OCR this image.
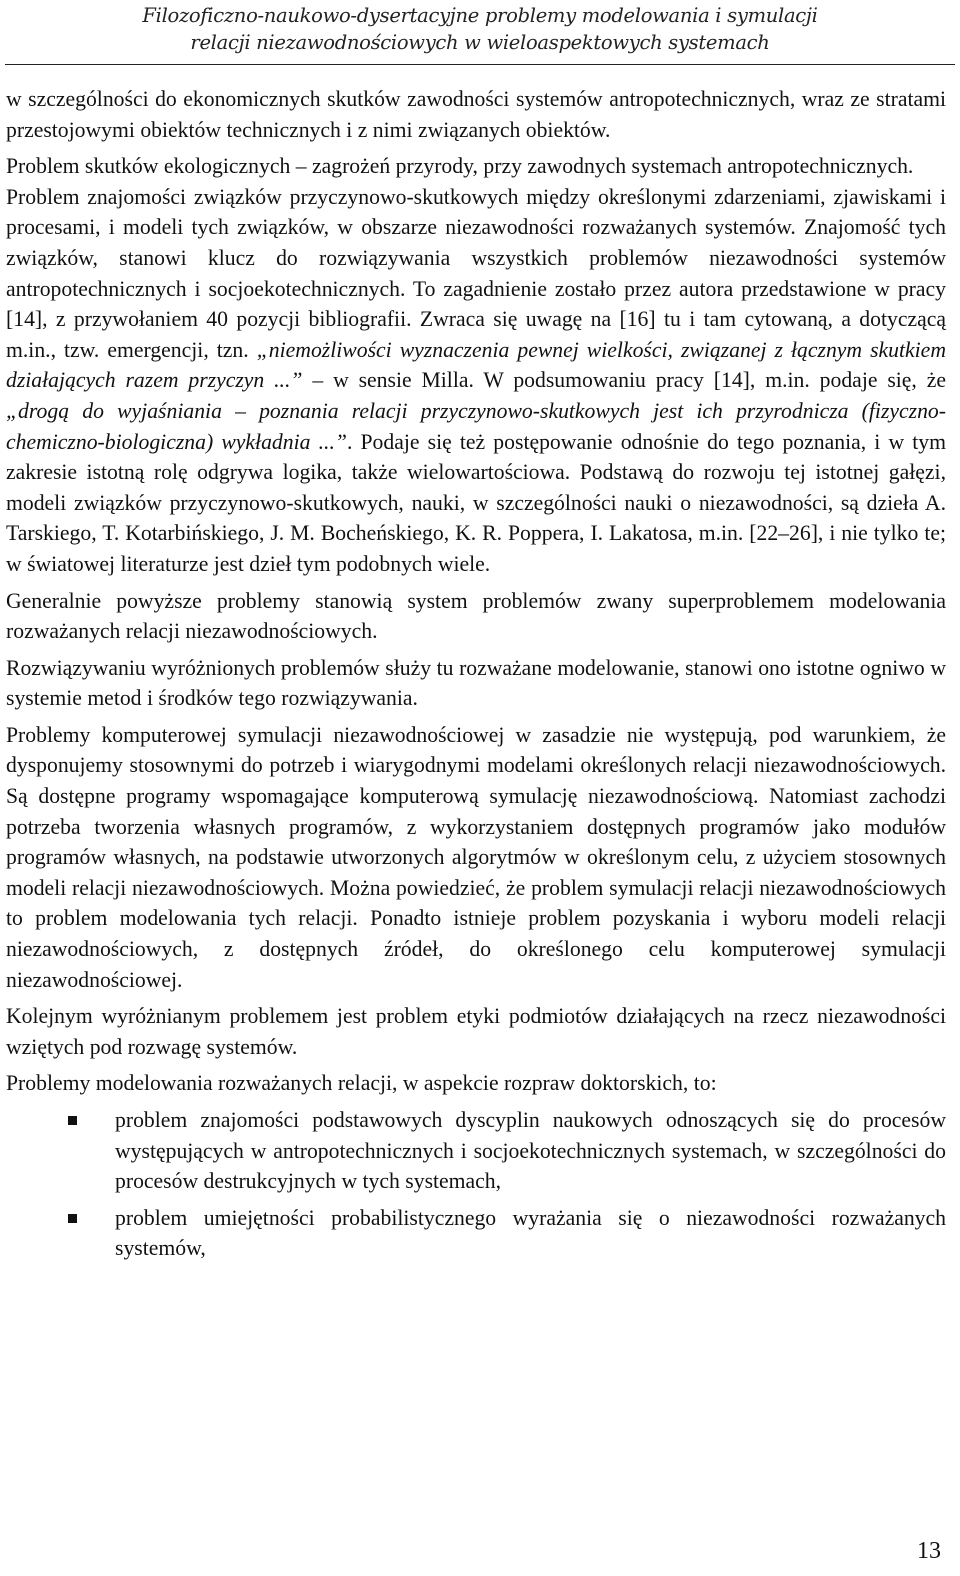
Filozoficzno-naukowo-dysertacyjne problemy modelowania i symulacji
relacji niezawodnościowych w wieloaspektowych systemach

w szczególności do ekonomicznych skutków zawodności systemów antropotechnicznych, wraz ze stratami przestojowymi obiektów technicznych i z nimi związanych obiektów.

Problem skutków ekologicznych – zagrożeń przyrody, przy zawodnych systemach antropotechnicznych.

Problem znajomości związków przyczynowo-skutkowych między określonymi zdarzeniami, zjawiskami i procesami, i modeli tych związków, w obszarze niezawodności rozważanych systemów. Znajomość tych związków, stanowi klucz do rozwiązywania wszystkich problemów niezawodności systemów antropotechnicznych i socjoekotechnicznych. To zagadnienie zostało przez autora przedstawione w pracy [14], z przywołaniem 40 pozycji bibliografii. Zwraca się uwagę na [16] tu i tam cytowaną, a dotyczącą m.in., tzw. emergencji, tzn. „niemożliwości wyznaczenia pewnej wielkości, związanej z łącznym skutkiem działających razem przyczyn ...” – w sensie Milla. W podsumowaniu pracy [14], m.in. podaje się, że „drogą do wyjaśniania – poznania relacji przyczynowo-skutkowych jest ich przyrodnicza (fizyczno-chemiczno-biologiczna) wykładnia ...”. Podaje się też postępowanie odnośnie do tego poznania, i w tym zakresie istotną rolę odgrywa logika, także wielowartościowa. Podstawą do rozwoju tej istotnej gałęzi, modeli związków przyczynowo-skutkowych, nauki, w szczególności nauki o niezawodności, są dzieła A. Tarskiego, T. Kotarbińskiego, J. M. Bocheńskiego, K. R. Poppera, I. Lakatosa, m.in. [22–26], i nie tylko te; w światowej literaturze jest dzieł tym podobnych wiele.

Generalnie powyższe problemy stanowią system problemów zwany superproblemem modelowania rozważanych relacji niezawodnościowych.

Rozwiązywaniu wyróżnionych problemów służy tu rozważane modelowanie, stanowi ono istotne ogniwo w systemie metod i środków tego rozwiązywania.

Problemy komputerowej symulacji niezawodnościowej w zasadzie nie występują, pod warunkiem, że dysponujemy stosownymi do potrzeb i wiarygodnymi modelami określonych relacji niezawodnościowych. Są dostępne programy wspomagające komputerową symulację niezawodnościową. Natomiast zachodzi potrzeba tworzenia własnych programów, z wykorzystaniem dostępnych programów jako modułów programów własnych, na podstawie utworzonych algorytmów w określonym celu, z użyciem stosownych modeli relacji niezawodnościowych. Można powiedzieć, że problem symulacji relacji niezawodnościowych to problem modelowania tych relacji. Ponadto istnieje problem pozyskania i wyboru modeli relacji niezawodnościowych, z dostępnych źródeł, do określonego celu komputerowej symulacji niezawodnościowej.

Kolejnym wyróżnianym problemem jest problem etyki podmiotów działających na rzecz niezawodności wziętych pod rozwagę systemów.

Problemy modelowania rozważanych relacji, w aspekcie rozpraw doktorskich, to:

problem znajomości podstawowych dyscyplin naukowych odnoszących się do procesów występujących w antropotechnicznych i socjoekotechnicznych systemach, w szczególności do procesów destrukcyjnych w tych systemach,
problem umiejętności probabilistycznego wyrażania się o niezawodności rozważanych systemów,
13
